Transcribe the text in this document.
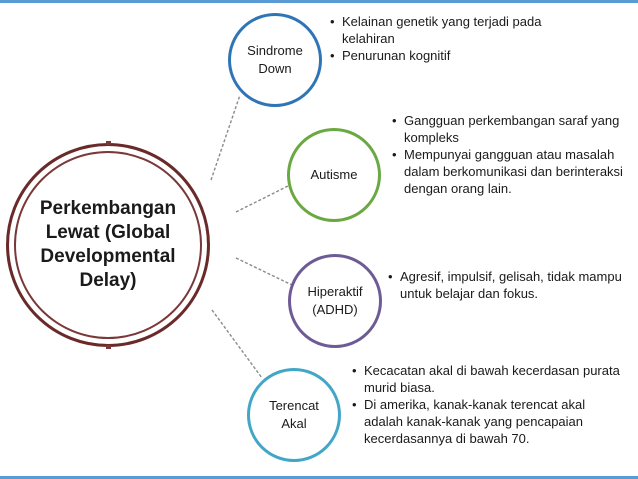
Perkembangan Lewat (Global Developmental Delay)
Sindrome Down
• Kelainan genetik yang terjadi pada kelahiran
• Penurunan kognitif
Autisme
• Gangguan perkembangan saraf yang kompleks
• Mempunyai gangguan atau masalah dalam berkomunikasi dan berinteraksi dengan orang lain.
Hiperaktif (ADHD)
• Agresif, impulsif, gelisah, tidak mampu untuk belajar dan fokus.
Terencat Akal
• Kecacatan akal di bawah kecerdasan purata murid biasa.
• Di amerika, kanak-kanak terencat akal adalah kanak-kanak yang pencapaian kecerdasannya di bawah 70.
